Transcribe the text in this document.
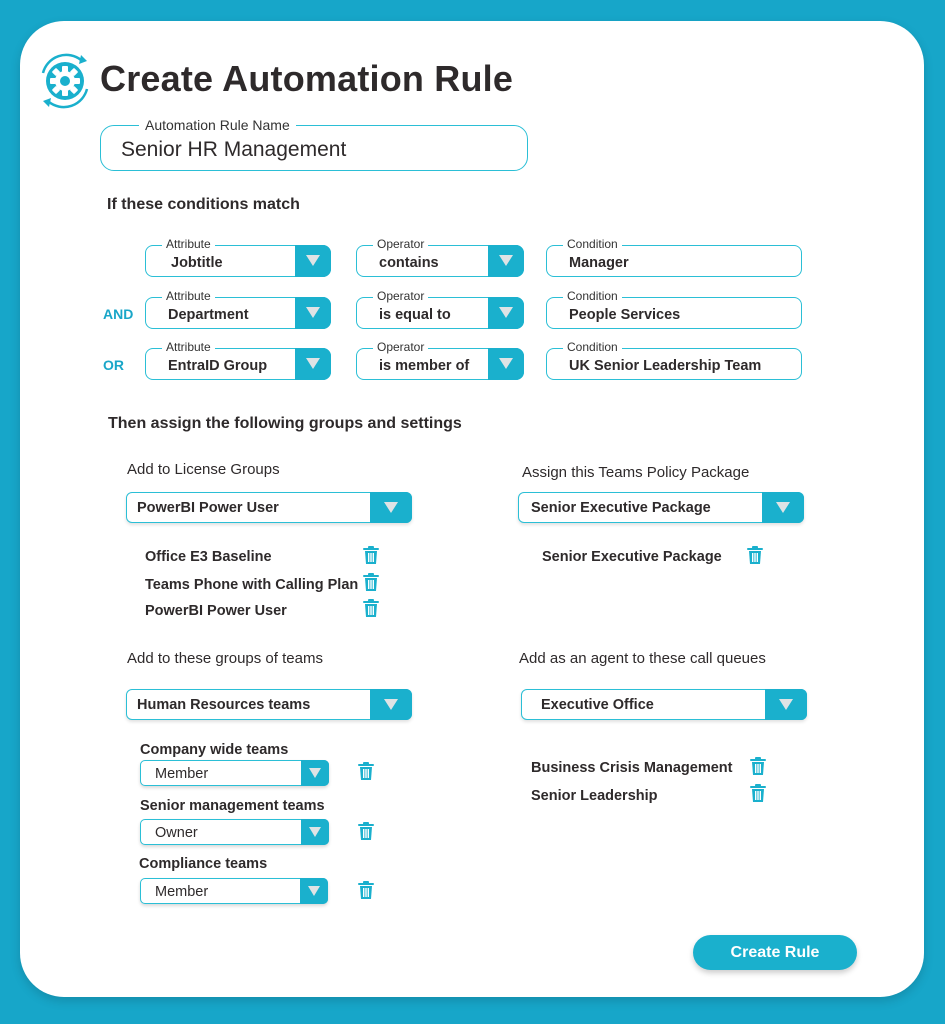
Create Automation Rule
Automation Rule Name
Senior HR Management
If these conditions match
Attribute
Jobtitle
Operator
contains
Condition
Manager
AND
Attribute
Department
Operator
is equal to
Condition
People Services
OR
Attribute
EntraID Group
Operator
is member of
Condition
UK Senior Leadership Team
Then assign the following groups and settings
Add to License Groups
PowerBI Power User
Office E3 Baseline
Teams Phone with Calling Plan
PowerBI Power User
Assign this Teams Policy Package
Senior Executive Package
Senior Executive Package
Add to these groups of teams
Human Resources teams
Company wide teams
Member
Senior management teams
Owner
Compliance teams
Member
Add as an agent to these call queues
Executive Office
Business Crisis Management
Senior Leadership
Create Rule
